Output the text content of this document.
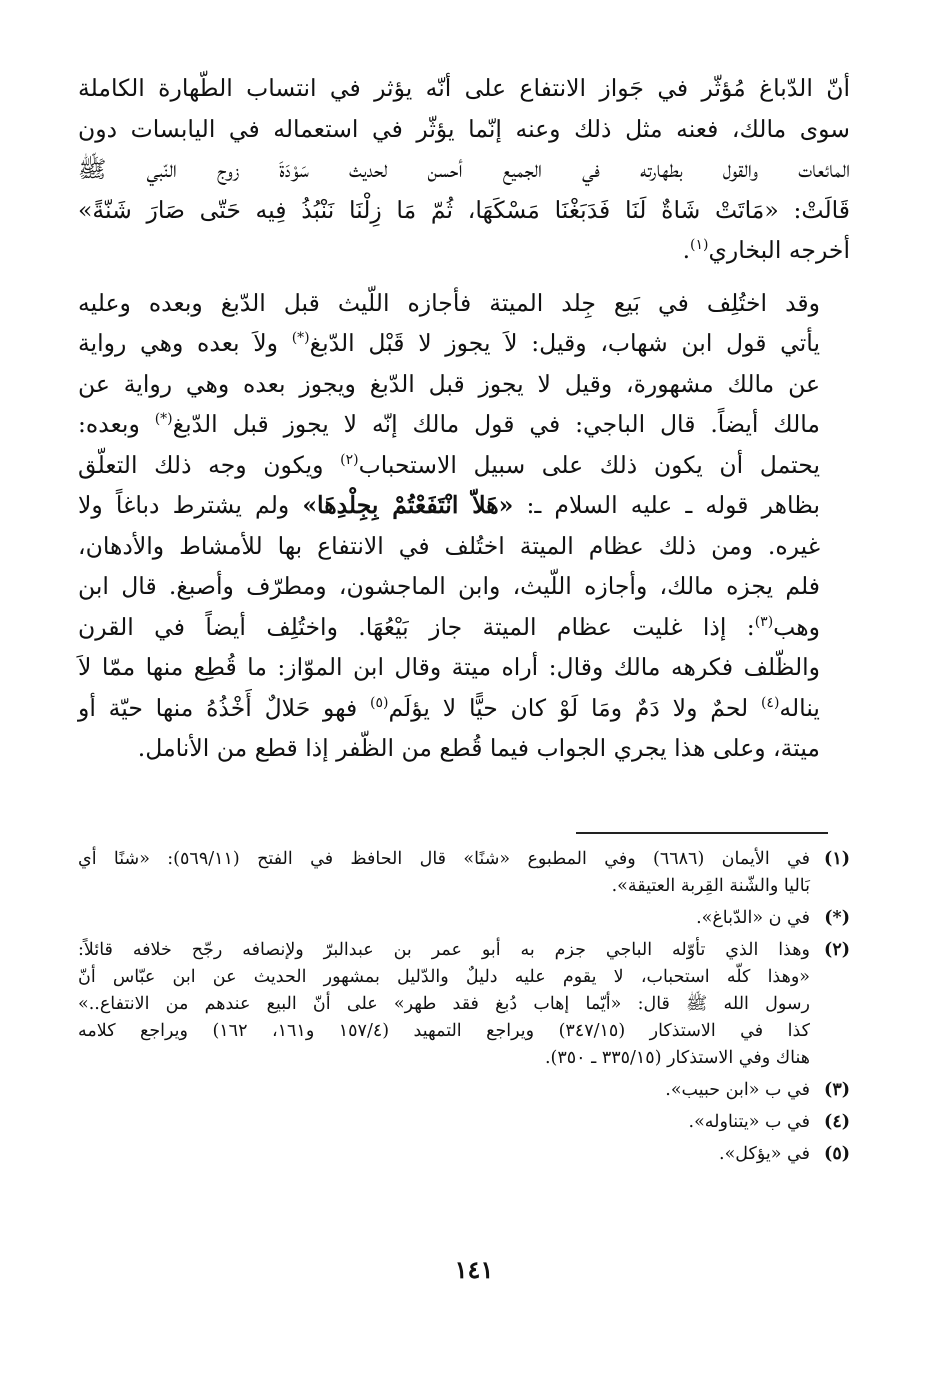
أنّ الدّباغ مُؤثّر في جَواز الانتفاع على أنّه يؤثر في انتساب الطّهارة الكاملة
سوى مالك، فعنه مثل ذلك وعنه إنّما يؤثّر في استعماله في اليابسات دون
المائعات والقول بطهارته في الجميع أحسن لحديث سَوْدَةَ زوج النّبي ﷺ
قَالَتْ: «مَاتَتْ شَاةٌ لَنَا فَدَبَغْنَا مَسْكَهَا، ثُمّ مَا زِلْنَا نَنْبُذُ فِيه حَتّى صَارَ شَنّةً»
أخرجه البخاري$^{(١)}$.

وقد اختُلِف في بَيع جِلد الميتة فأجازه اللّيث قبل الدّبغ وبعده وعليه
يأتي قول ابن شهاب، وقيل: لاَ يجوز لا قَبْل الدّبغ(*) ولاَ بعده وهي رواية
عن مالك مشهورة، وقيل لا يجوز قبل الدّبغ ويجوز بعده وهي رواية عن
مالك أيضاً. قال الباجي: في قول مالك إنّه لا يجوز قبل الدّبغ(*) وبعده:
يحتمل أن يكون ذلك على سبيل الاستحباب$^{(٢)}$ ويكون وجه ذلك التعلّق
بظاهر قوله ـ عليه السلام ـ: «هَلاّ انْتَفَعْتُمْ بِجِلْدِهَا» ولم يشترط دباغاً ولا
غيره. ومن ذلك عظام الميتة اختُلف في الانتفاع بها للأمشاط والأدهان،
فلم يجزه مالك، وأجازه اللّيث، وابن الماجشون، ومطرّف وأصبغ. قال ابن
وهب$^{(٣)}$: إذا غليت عظام الميتة جاز بَيْعُهَا. واختُلِف أيضاً في القرن
والظّلف فكرهه مالك وقال: أراه ميتة وقال ابن الموّاز: ما قُطِع منها ممّا لاَ
يناله$^{(٤)}$ لحمٌ ولا دَمٌ ومَا لَوْ كان حيًّا لا يؤلَم$^{(٥)}$ فهو حَلالٌ أَخْذُهُ منها حيّة أو
ميتة، وعلى هذا يجري الجواب فيما قُطع من الظّفر إذا قطع من الأنامل.

(١)
في الأيمان (٦٦٨٦) وفي المطبوع «شنًا» قال الحافظ في الفتح (٥٦٩/١١): «شنًا أي
بَاليا والشّنة القِربة العتيقة».
(*)
في ن «الدّباغ».
(٢)
وهذا الذي تأوّله الباجي جزم به أبو عمر بن عبدالبرّ ولإنصافه رجّح خلافه قائلاً:
«وهذا كلّه استحباب، لا يقوم عليه دليلٌ والدّليل بمشهور الحديث عن ابن عبّاس أنّ
رسول الله ﷺ قال: «أيّما إهاب دُبغ فقد طهر» على أنّ البيع عندهم من الانتفاع..»
كذا في الاستذكار (٣٤٧/١٥) ويراجع التمهيد (١٥٧/٤ و١٦١، ١٦٢) ويراجع كلامه
هناك وفي الاستذكار (٣٣٥/١٥ ـ ٣٥٠).
(٣)
في ب «ابن حبيب».
(٤)
في ب «يتناوله».
(٥)
في «يؤكل».
١٤١
